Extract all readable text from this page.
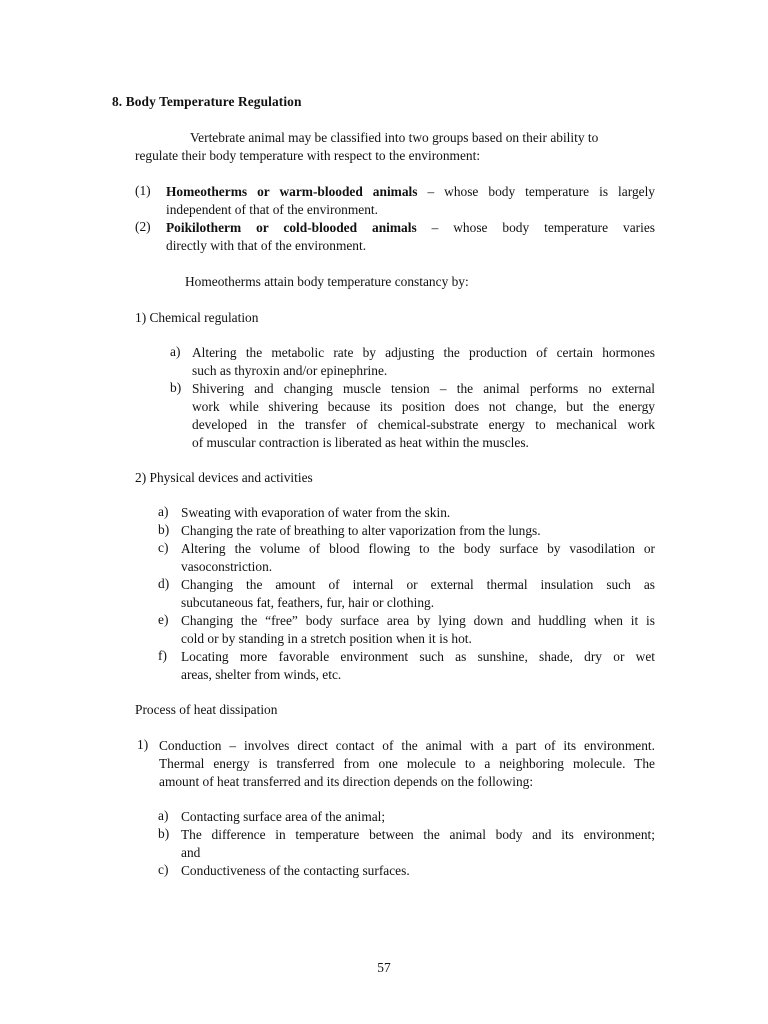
8. Body Temperature Regulation
Vertebrate animal may be classified into two groups based on their ability to
regulate their body temperature with respect to the environment:
(1) Homeotherms or warm-blooded animals – whose body temperature is largely
independent of that of the environment.
(2) Poikilotherm or cold-blooded animals – whose body temperature varies
directly with that of the environment.
Homeotherms attain body temperature constancy by:
1) Chemical regulation
a) Altering the metabolic rate by adjusting the production of certain hormones
such as thyroxin and/or epinephrine.
b) Shivering and changing muscle tension – the animal performs no external
work while shivering because its position does not change, but the energy
developed in the transfer of chemical-substrate energy to mechanical work
of muscular contraction is liberated as heat within the muscles.
2) Physical devices and activities
a) Sweating with evaporation of water from the skin.
b) Changing the rate of breathing to alter vaporization from the lungs.
c) Altering the volume of blood flowing to the body surface by vasodilation or
vasoconstriction.
d) Changing the amount of internal or external thermal insulation such as
subcutaneous fat, feathers, fur, hair or clothing.
e) Changing the “free” body surface area by lying down and huddling when it is
cold or by standing in a stretch position when it is hot.
f) Locating more favorable environment such as sunshine, shade, dry or wet
areas, shelter from winds, etc.
Process of heat dissipation
1) Conduction – involves direct contact of the animal with a part of its environment.
Thermal energy is transferred from one molecule to a neighboring molecule. The
amount of heat transferred and its direction depends on the following:
a) Contacting surface area of the animal;
b) The difference in temperature between the animal body and its environment;
and
c) Conductiveness of the contacting surfaces.
57
